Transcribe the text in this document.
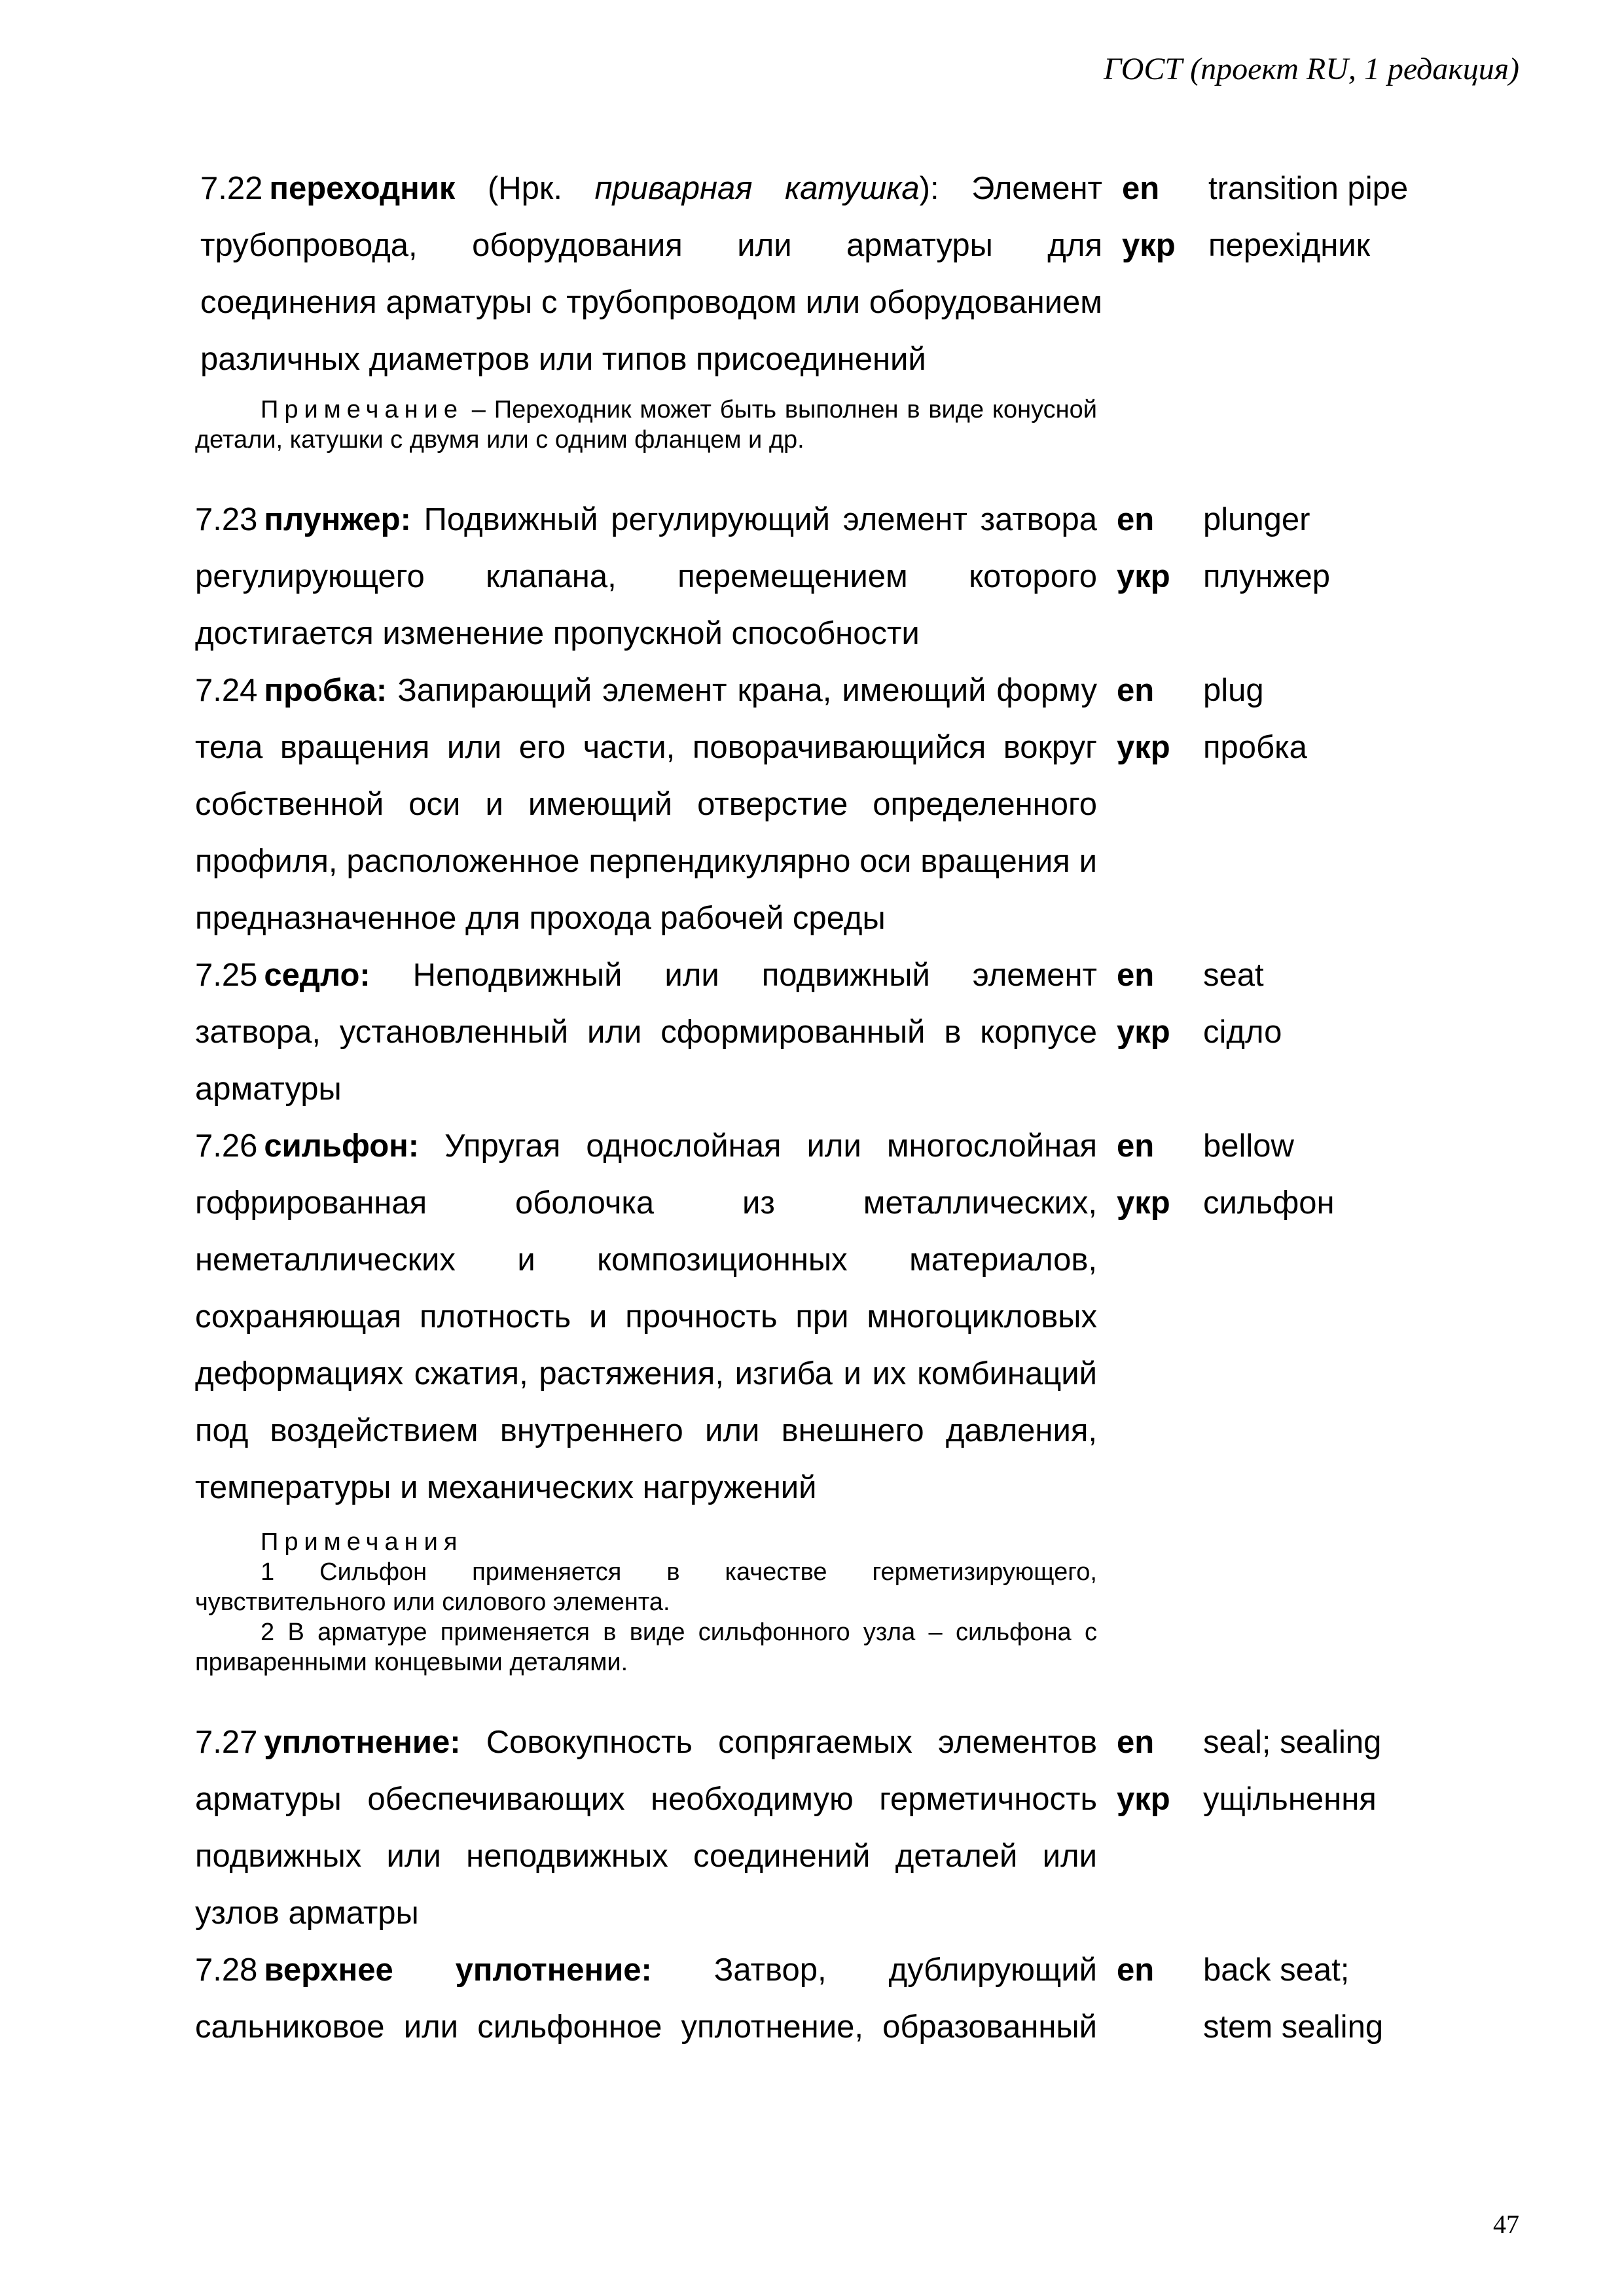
ГОСТ (проект RU, 1 редакция)
7.22 переходник (Нрк. приварная катушка): Элемент трубопровода, оборудования или арматуры для соединения арматуры с трубопроводом или оборудованием различных диаметров или типов присоединений
en
укр
transition pipe
перехідник
Примечание – Переходник может быть выполнен в виде конусной детали, катушки с двумя или с одним фланцем и др.
7.23 плунжер: Подвижный регулирующий элемент затвора регулирующего клапана, перемещением которого достигается изменение пропускной способности
en
укр
plunger
плунжер
7.24 пробка: Запирающий элемент крана, имеющий форму тела вращения или его части, поворачивающийся вокруг собственной оси и имеющий отверстие определенного профиля, расположенное перпендикулярно оси вращения и предназначенное для прохода рабочей среды
en
укр
plug
пробка
7.25 седло: Неподвижный или подвижный элемент затвора, установленный или сформированный в корпусе арматуры
en
укр
seat
сідло
7.26 сильфон: Упругая однослойная или многослойная гофрированная оболочка из металлических, неметаллических и композиционных материалов, сохраняющая плотность и прочность при многоцикловых деформациях сжатия, растяжения, изгиба и их комбинаций под воздействием внутреннего или внешнего давления, температуры и механических нагружений
en
укр
bellow
сильфон
Примечания
1 Сильфон применяется в качестве герметизирующего, чувствительного или силового элемента.
2 В арматуре применяется в виде сильфонного узла – сильфона с приваренными концевыми деталями.
7.27 уплотнение: Совокупность сопрягаемых элементов арматуры обеспечивающих необходимую герметичность подвижных или неподвижных соединений деталей или узлов арматры
en
укр
seal; sealing
ущільнення
7.28 верхнее уплотнение: Затвор, дублирующий сальниковое или сильфонное уплотнение, образованный
en	back seat;
stem sealing
47
